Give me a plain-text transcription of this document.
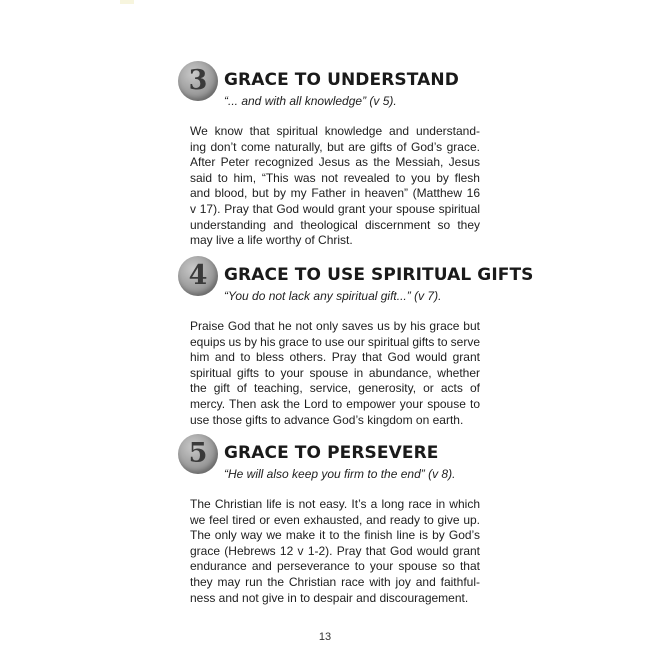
3 GRACE TO UNDERSTAND
“... and with all knowledge” (v 5).
We know that spiritual knowledge and understand-
ing don’t come naturally, but are gifts of God’s grace.
After Peter recognized Jesus as the Messiah, Jesus
said to him, “This was not revealed to you by flesh
and blood, but by my Father in heaven” (Matthew 16
v 17). Pray that God would grant your spouse spiritual
understanding and theological discernment so they
may live a life worthy of Christ.
4 GRACE TO USE SPIRITUAL GIFTS
“You do not lack any spiritual gift...” (v 7).
Praise God that he not only saves us by his grace but
equips us by his grace to use our spiritual gifts to serve
him and to bless others. Pray that God would grant
spiritual gifts to your spouse in abundance, whether
the gift of teaching, service, generosity, or acts of
mercy. Then ask the Lord to empower your spouse to
use those gifts to advance God’s kingdom on earth.
5 GRACE TO PERSEVERE
“He will also keep you firm to the end” (v 8).
The Christian life is not easy. It’s a long race in which
we feel tired or even exhausted, and ready to give up.
The only way we make it to the finish line is by God’s
grace (Hebrews 12 v 1-2). Pray that God would grant
endurance and perseverance to your spouse so that
they may run the Christian race with joy and faithful-
ness and not give in to despair and discouragement.
13
